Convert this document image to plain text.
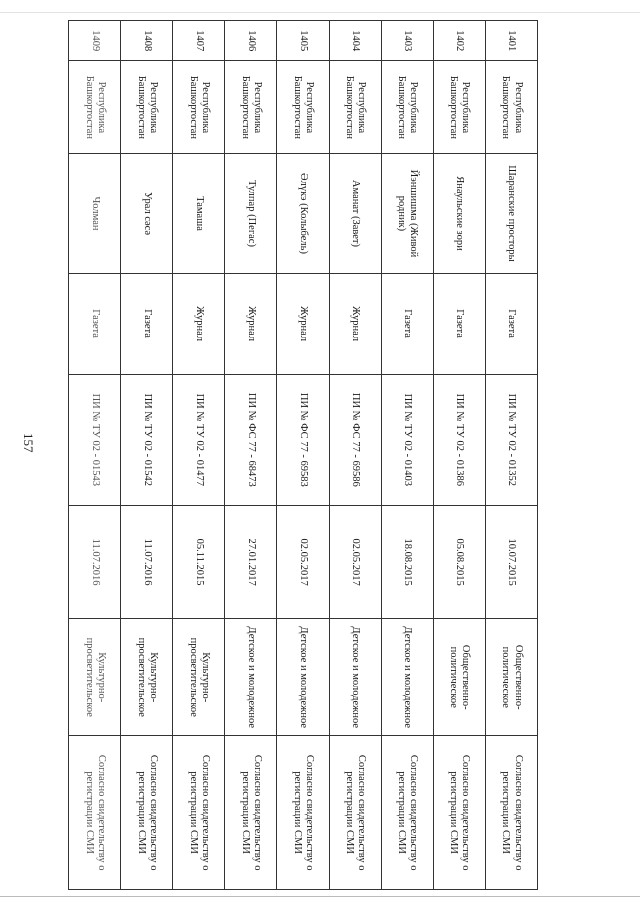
157
1401	Республика Башкортостан	Шаранские просторы	Газета	ПИ № ТУ 02 - 01352	10.07.2015	Общественно-политическое	Согласно свидетельству о регистрации СМИ
1402	Республика Башкортостан	Янаульские зори	Газета	ПИ № ТУ 02 - 01386	05.08.2015	Общественно-политическое	Согласно свидетельству о регистрации СМИ
1403	Республика Башкортостан	Йэншишма (Живой родник)	Газета	ПИ № ТУ 02 - 01403	18.08.2015	Детское и молодежное	Согласно свидетельству о регистрации СМИ
1404	Республика Башкортостан	Аманат (Завет)	Журнал	ПИ № ФС 77 - 69586	02.05.2017	Детское и молодежное	Согласно свидетельству о регистрации СМИ
1405	Республика Башкортостан	Әлүкэ (Колыбель)	Журнал	ПИ № ФС 77 - 69583	02.05.2017	Детское и молодежное	Согласно свидетельству о регистрации СМИ
1406	Республика Башкортостан	Тулпар (Пегас)	Журнал	ПИ № ФС 77 - 68473	27.01.2017	Детское и молодежное	Согласно свидетельству о регистрации СМИ
1407	Республика Башкортостан	Тамаша	Журнал	ПИ № ТУ 02 - 01477	05.11.2015	Культурно-просветительское	Согласно свидетельству о регистрации СМИ
1408	Республика Башкортостан	Урал сәсә	Газета	ПИ № ТУ 02 - 01542	11.07.2016	Культурно-просветительское	Согласно свидетельству о регистрации СМИ
1409	Республика Башкортостан	Чолман	Газета	ПИ № ТУ 02 - 01543	11.07.2016	Культурно-просветительское	Согласно свидетельству о регистрации СМИ
